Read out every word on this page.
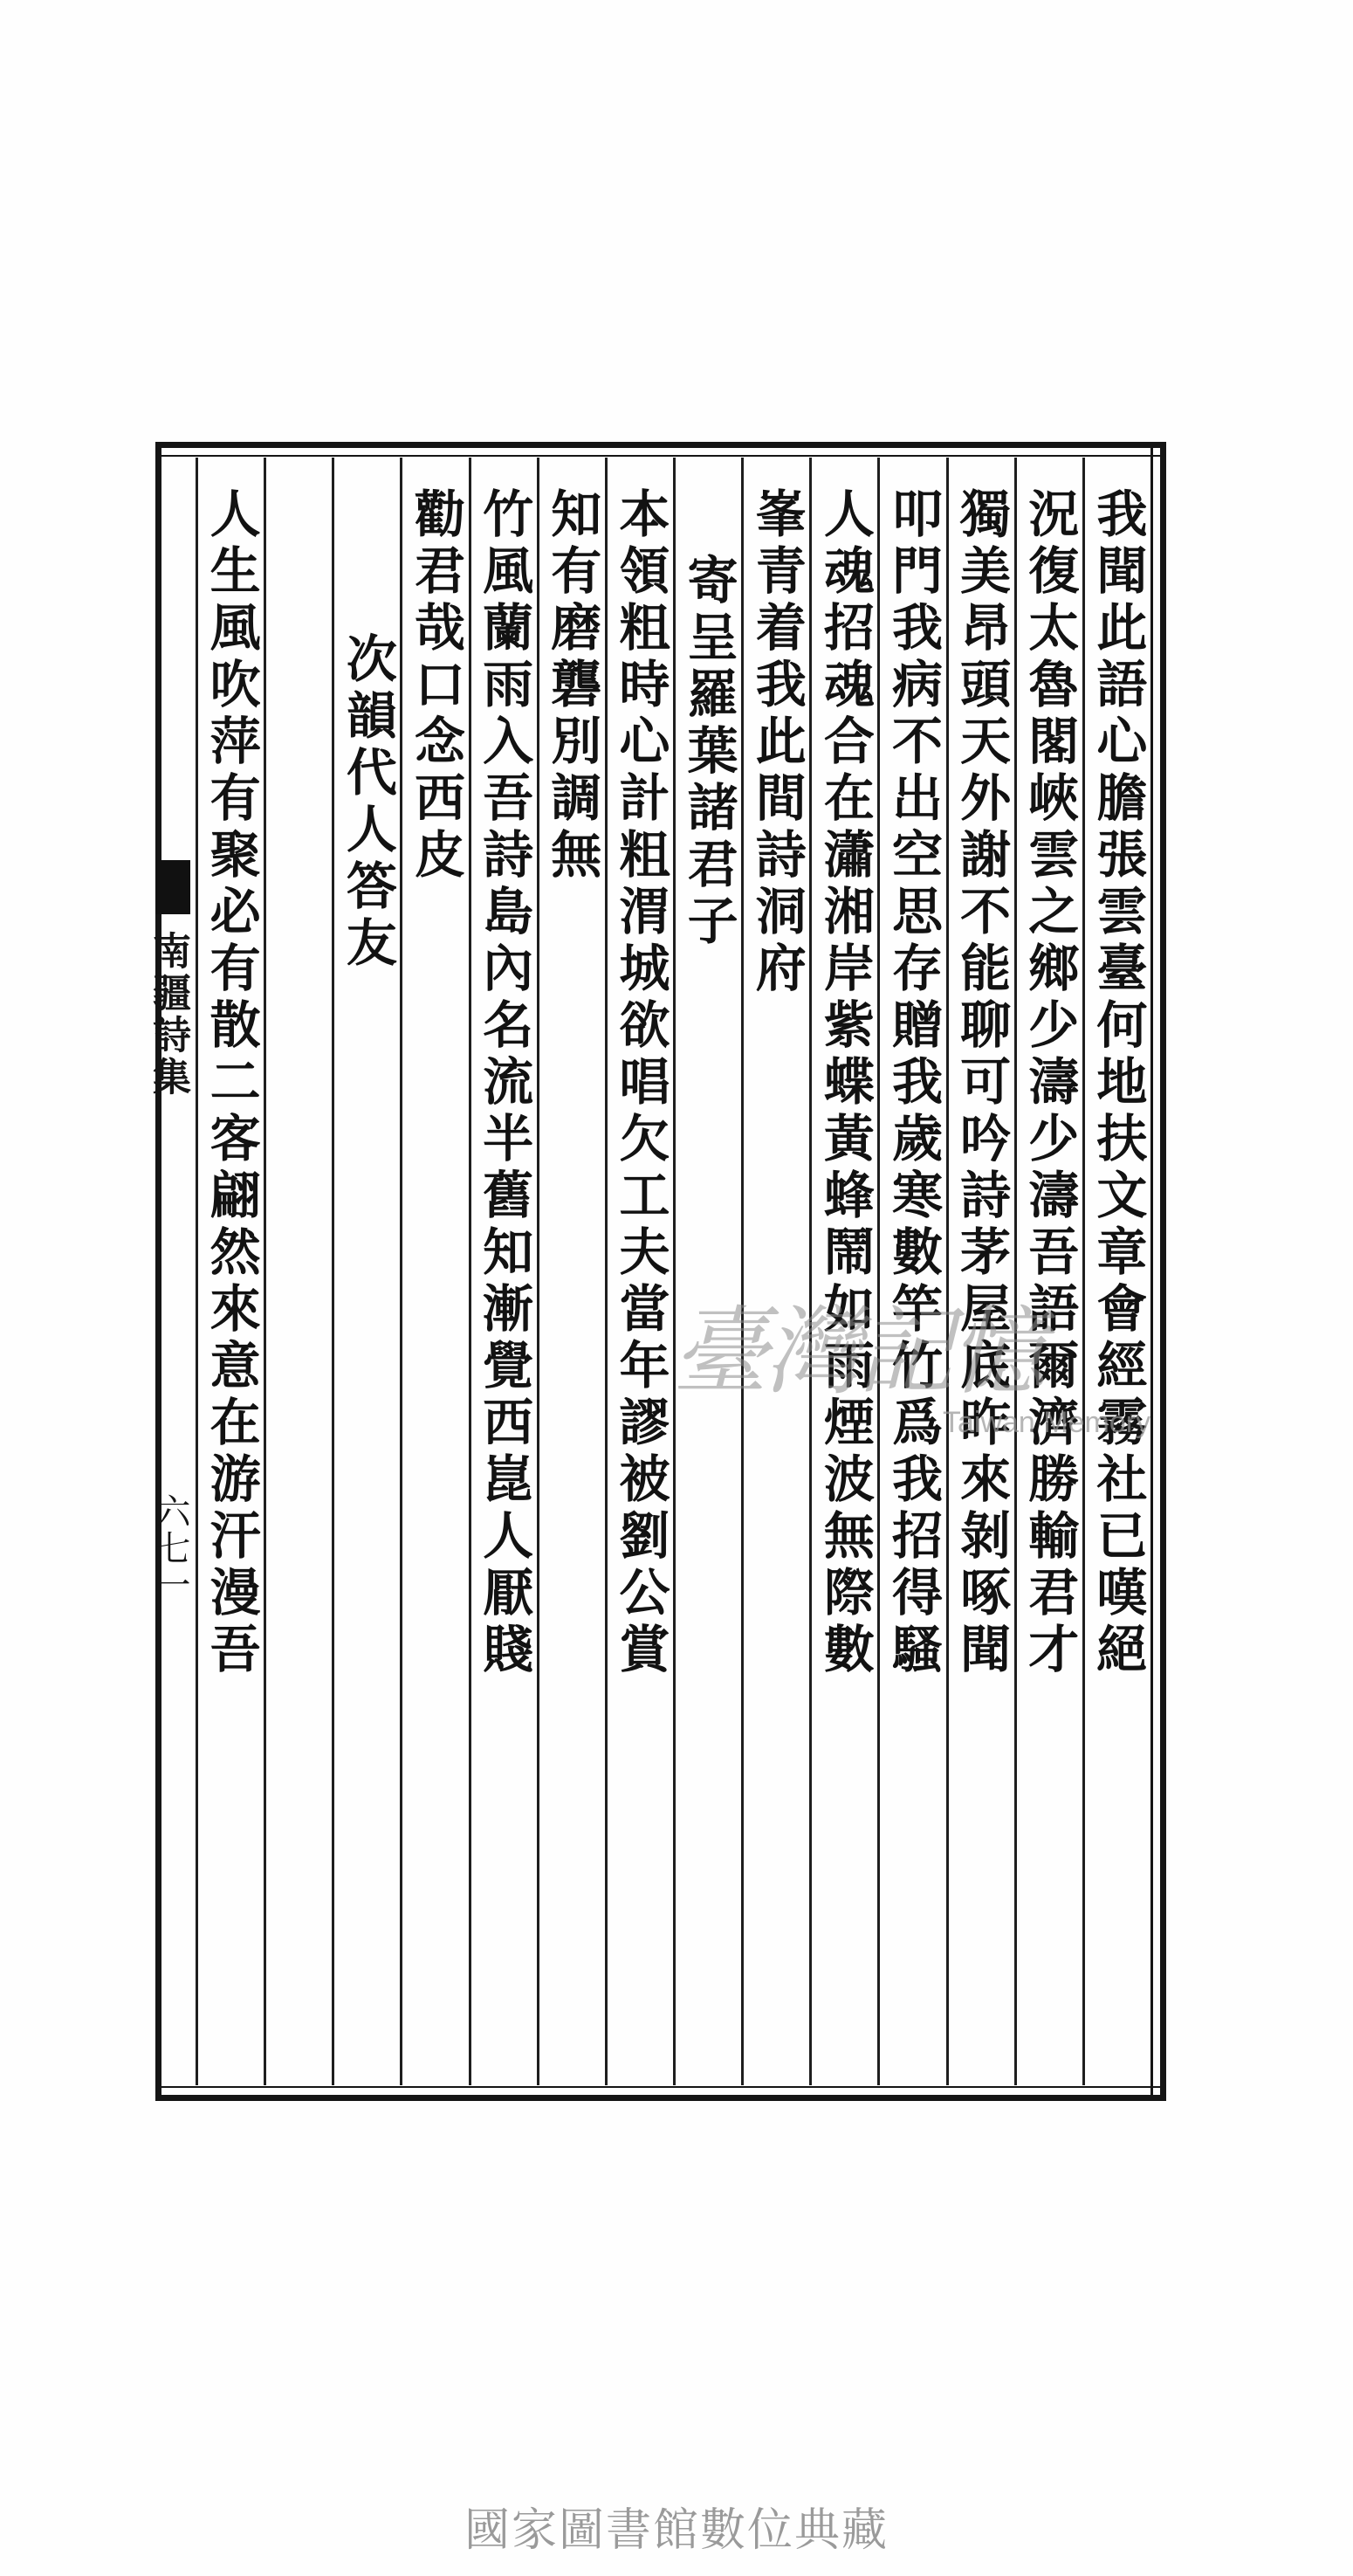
我聞此語心膽張雲臺何地扶文章會經霧社已嘆絕
況復太魯閣峽雲之鄉少濤少濤吾語爾濟勝輸君才
獨美昂頭天外謝不能聊可吟詩茅屋底昨來剝啄聞
叩門我病不出空思存贈我歲寒數竿竹爲我招得騷
人魂招魂合在瀟湘岸紫蝶黃蜂鬧如雨煙波無際數
峯青着我此間詩洞府
寄呈羅葉諸君子
本領粗時心計粗渭城欲唱欠工夫當年謬被劉公賞
知有磨礱別調無
竹風蘭雨入吾詩島內名流半舊知漸覺西崑人厭賤
勸君哉口念西皮
次韻代人答友
人生風吹萍有聚必有散二客翩然來意在游汗漫吾
南疆詩集
六七一
臺灣記憶
Taiwan Memory
國家圖書館數位典藏
